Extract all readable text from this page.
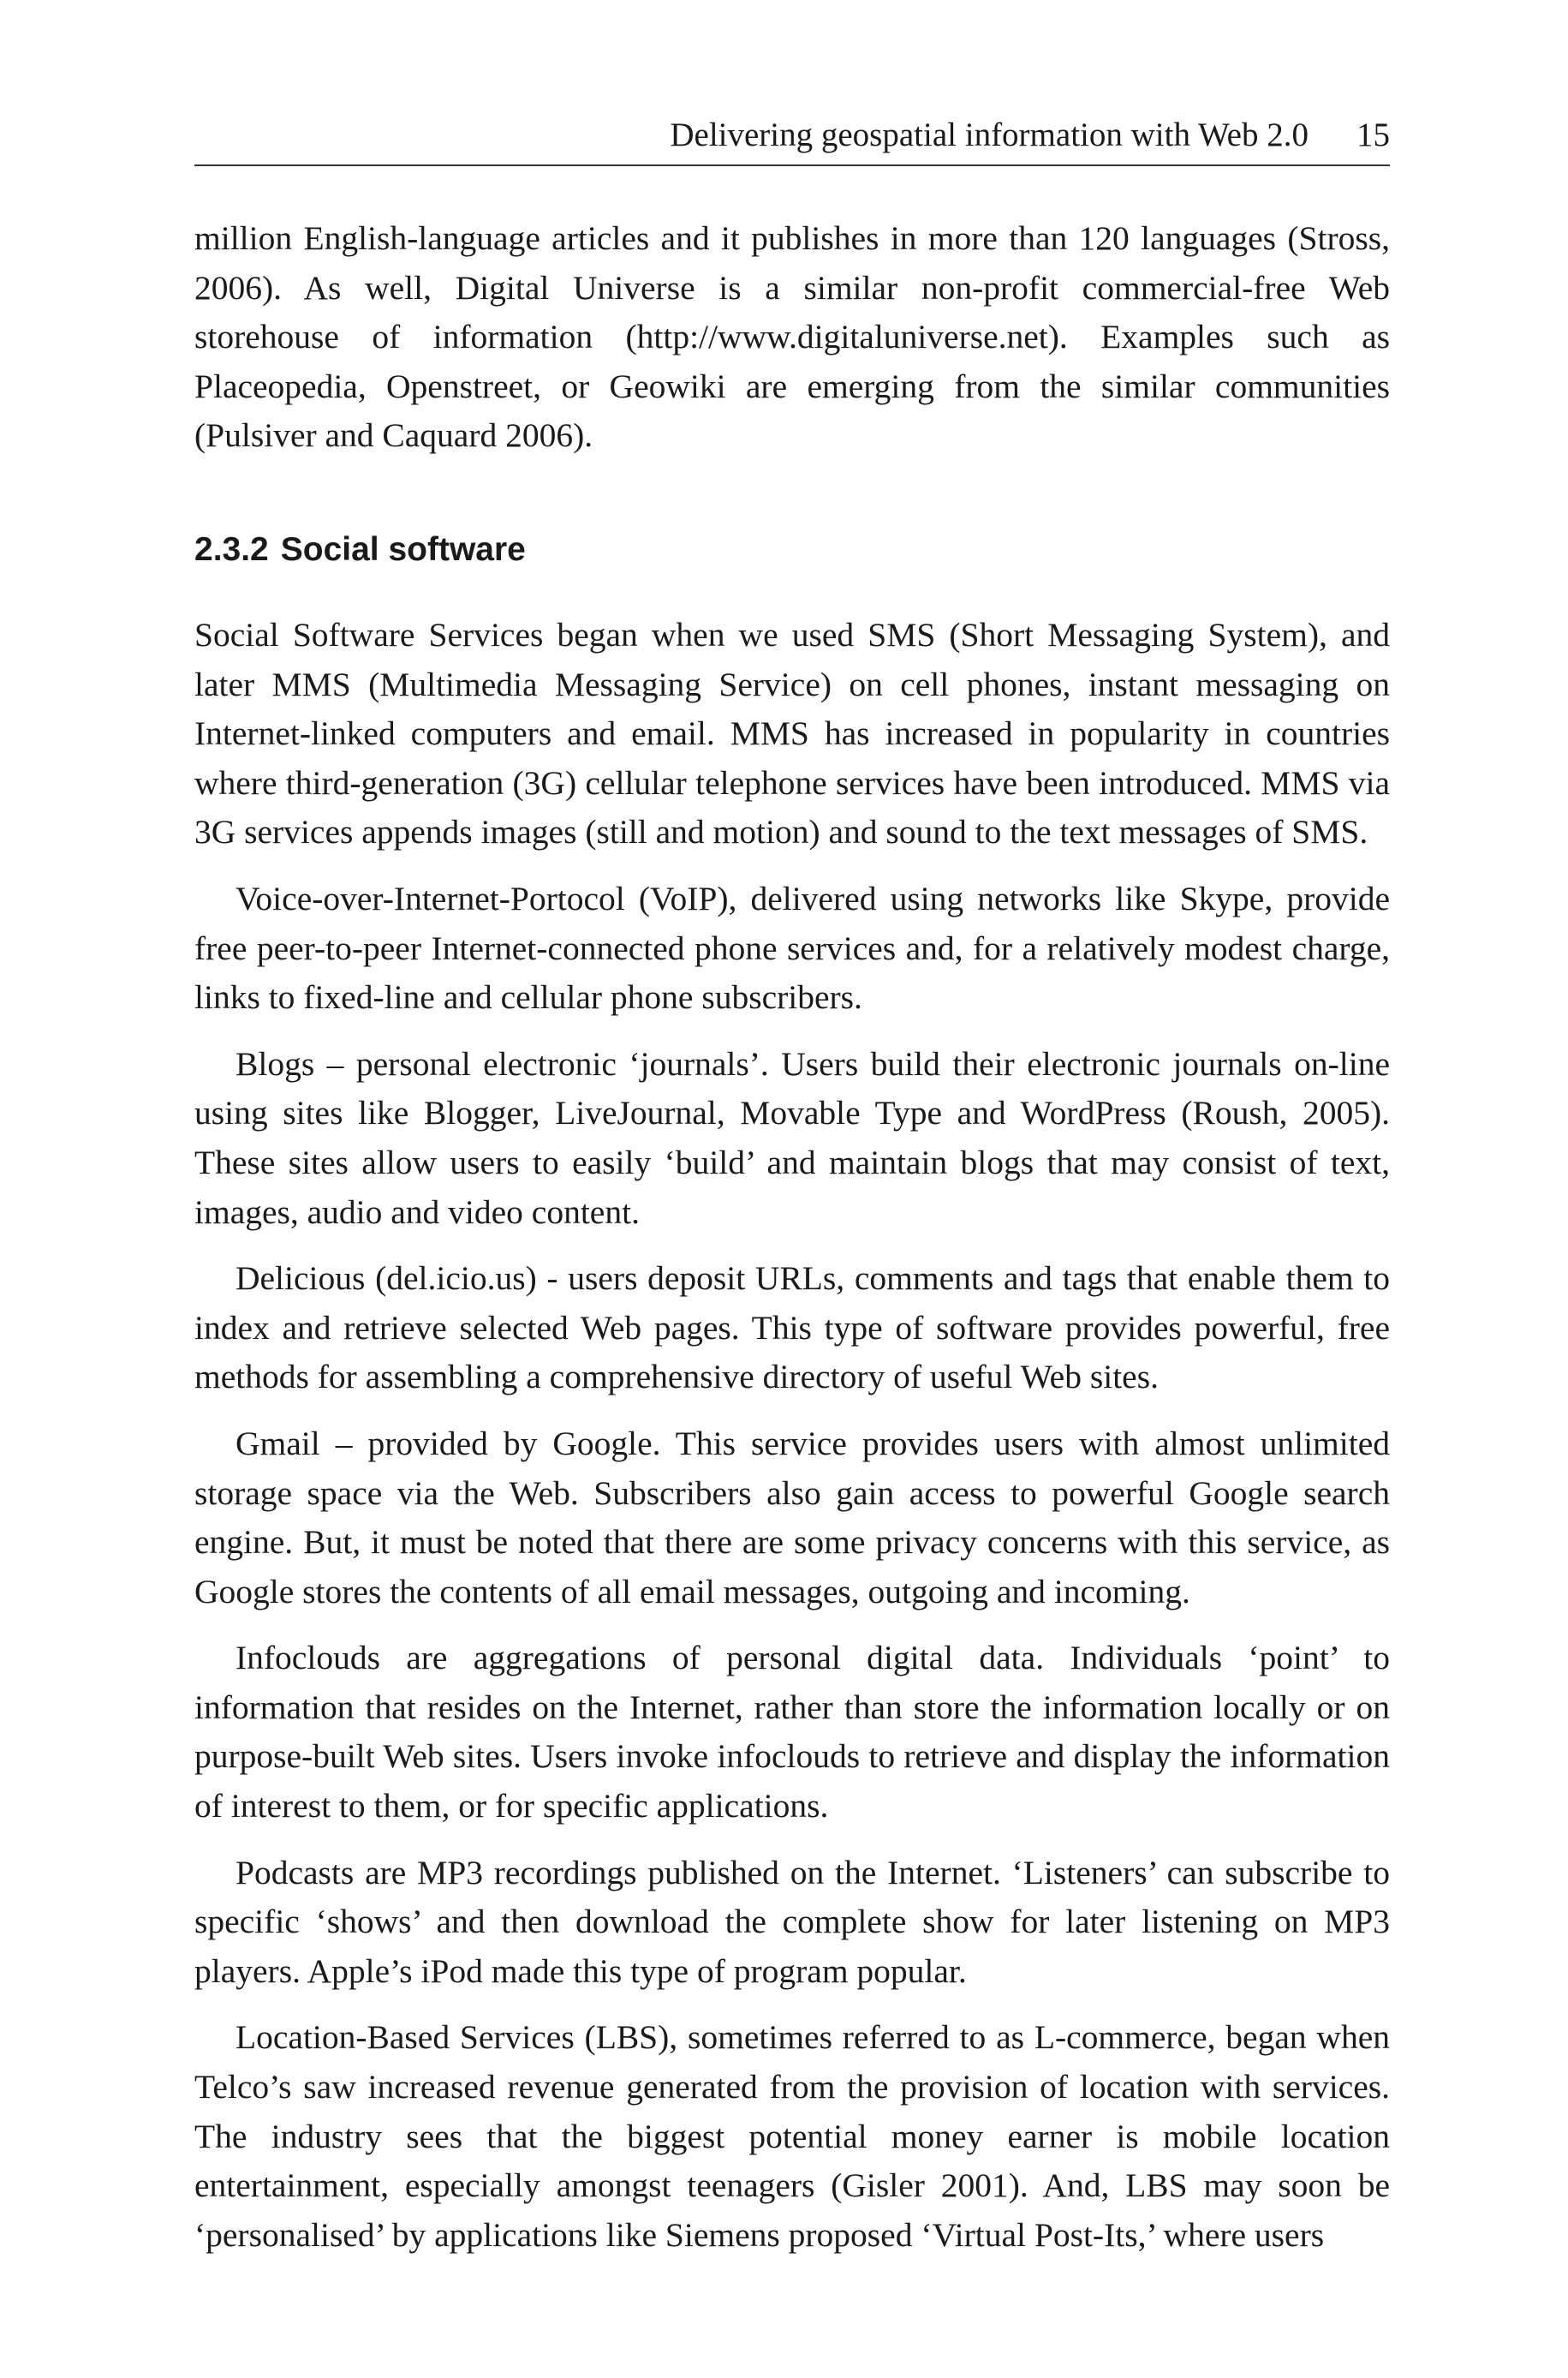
Delivering geospatial information with Web 2.0 15

million English-language articles and it publishes in more than 120 languages (Stross, 2006). As well, Digital Universe is a similar non-profit commercial-free Web storehouse of information (http://www.digitaluniverse.net). Examples such as Placeopedia, Openstreet, or Geowiki are emerging from the similar communities (Pulsiver and Caquard 2006).

2.3.2 Social software

Social Software Services began when we used SMS (Short Messaging System), and later MMS (Multimedia Messaging Service) on cell phones, instant messaging on Internet-linked computers and email. MMS has increased in popularity in countries where third-generation (3G) cellular telephone services have been introduced. MMS via 3G services appends images (still and motion) and sound to the text messages of SMS.

Voice-over-Internet-Portocol (VoIP), delivered using networks like Skype, provide free peer-to-peer Internet-connected phone services and, for a relatively modest charge, links to fixed-line and cellular phone subscribers.

Blogs – personal electronic ‘journals’. Users build their electronic journals on-line using sites like Blogger, LiveJournal, Movable Type and WordPress (Roush, 2005). These sites allow users to easily ‘build’ and maintain blogs that may consist of text, images, audio and video content.

Delicious (del.icio.us) - users deposit URLs, comments and tags that enable them to index and retrieve selected Web pages. This type of software provides powerful, free methods for assembling a comprehensive directory of useful Web sites.

Gmail – provided by Google. This service provides users with almost unlimited storage space via the Web. Subscribers also gain access to powerful Google search engine. But, it must be noted that there are some privacy concerns with this service, as Google stores the contents of all email messages, outgoing and incoming.

Infoclouds are aggregations of personal digital data. Individuals ‘point’ to information that resides on the Internet, rather than store the information locally or on purpose-built Web sites. Users invoke infoclouds to retrieve and display the information of interest to them, or for specific applications.

Podcasts are MP3 recordings published on the Internet. ‘Listeners’ can subscribe to specific ‘shows’ and then download the complete show for later listening on MP3 players. Apple’s iPod made this type of program popular.

Location-Based Services (LBS), sometimes referred to as L-commerce, began when Telco’s saw increased revenue generated from the provision of location with services. The industry sees that the biggest potential money earner is mobile location entertainment, especially amongst teenagers (Gisler 2001). And, LBS may soon be ‘personalised’ by applications like Siemens proposed ‘Virtual Post-Its,’ where users
